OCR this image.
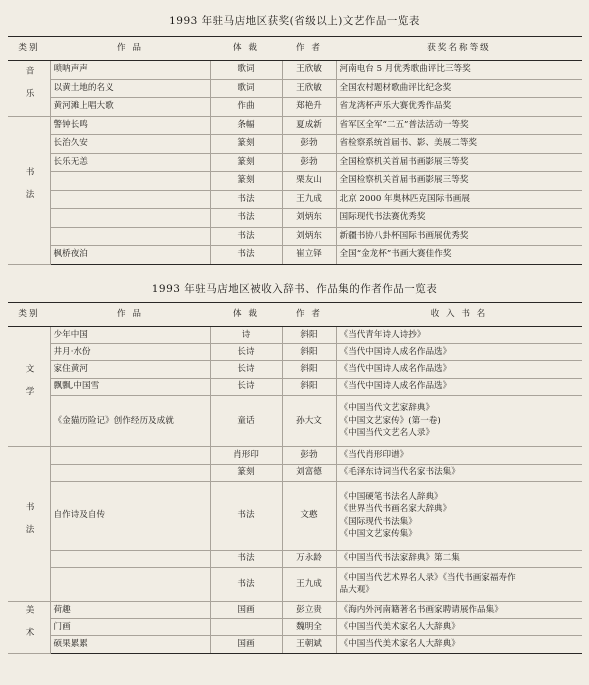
1993 年驻马店地区获奖(省级以上)文艺作品一览表
类别	作 品	体 裁	作 者	获奖名称等级

音乐	唢呐声声	歌词	王欣敏	河南电台 5 月优秀歌曲评比三等奖
	以黄土地的名义	歌词	王欣敏	全国农村题材歌曲评比纪念奖
	黄河滩上唱大歌	作曲	郑艳升	省龙湾杯声乐大赛优秀作品奖

书法	警钟长鸣	条幅	夏成新	省军区全军“二五”普法活动一等奖
	长治久安	篆刻	彭勃	省检察系统首届书、影、美展二等奖
	长乐无恙	篆刻	彭勃	全国检察机关首届书画影展三等奖
		篆刻	栗友山	全国检察机关首届书画影展三等奖
		书法	王九成	北京 2000 年奥林匹克国际书画展
		书法	刘炳东	国际现代书法赛优秀奖
		书法	刘炳东	新疆书协八卦杯国际书画展优秀奖
	枫桥夜泊	书法	崔立铎	全国“金龙杯”书画大赛佳作奖
1993 年驻马店地区被收入辞书、作品集的作者作品一览表
类别	作 品	体 裁	作 者	收 入 书 名

文学	少年中国	诗	斜阳	《当代青年诗人诗抄》

	井月·水份	长诗	斜阳	《当代中国诗人成名作品选》

	家住黄河	长诗	斜阳	《当代中国诗人成名作品选》

	飘飘,中国雪	长诗	斜阳	《当代中国诗人成名作品选》

	《金猫历险记》创作经历及成就	童话	孙大文	《中国当代文艺家辞典》
《中国文艺家传》(第一卷)
《中国当代文艺名人录》

书法		肖形印	彭勃	《当代肖形印谱》

		篆刻	刘富德	《毛泽东诗词当代名家书法集》

	自作诗及自传	书法	文憨	《中国硬笔书法名人辞典》
《世界当代书画名家大辞典》
《国际现代书法集》
《中国文艺家传集》

		书法	万永龄	《中国当代书法家辞典》第二集

		书法	王九成	《中国当代艺术界名人录》《当代书画家福寿作
品大观》

美术	荷趣	国画	彭立贵	《海内外河南籍著名书画家聘请展作品集》

	门画		魏明全	《中国当代美术家名人大辞典》

	硕果累累	国画	王朝斌	《中国当代美术家名人大辞典》
